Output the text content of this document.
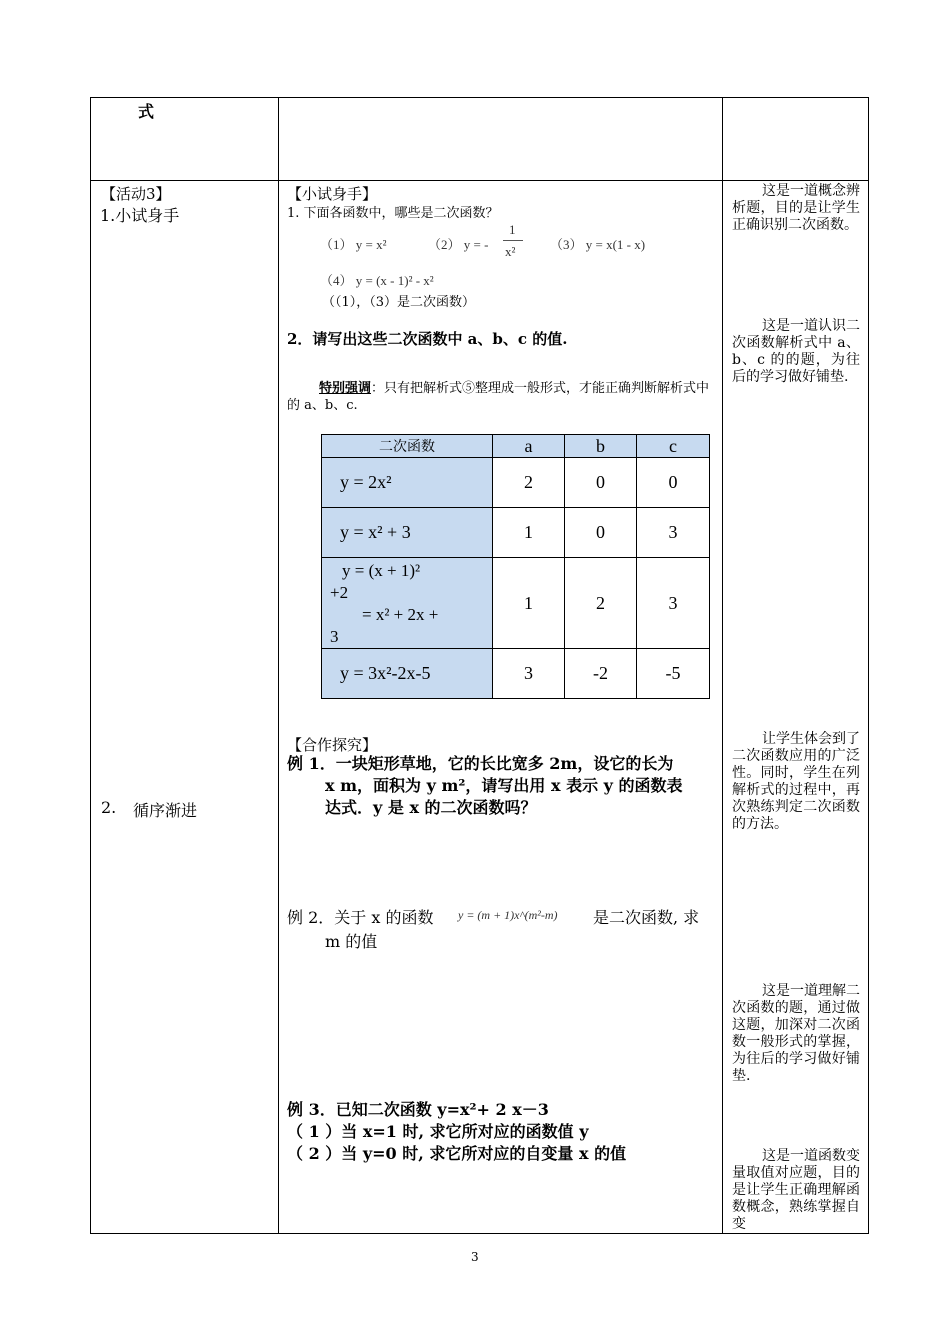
式
【活动3】
1.小试身手
2. 循序渐进
【小试身手】
1. 下面各函数中，哪些是二次函数？
（1） y = x²	（2） y = -
1
x²	（3） y = x(1 - x)
（4） y = (x - 1)² - x²
（（1），（3）是二次函数）
2．请写出这些二次函数中 a、b、c 的值.
特别强调：只有把解析式⑤整理成一般形式，才能正确判断解析式中的 a、b、c.
二次函数	a	b	c
y = 2x²	2	0	0
y = x² + 3	1	0	3
y = (x + 1)²
+2
= x² + 2x +
3
1	2	3
y = 3x²-2x-5	3	-2	-5
【合作探究】
例 1．一块矩形草地，它的长比宽多 2m，设它的长为
x m，面积为 y m²，请写出用 x 表示 y 的函数表
达式．y 是 x 的二次函数吗？
例 2．关于 x 的函数 y = (m + 1)x^(m²-m) 是二次函数, 求
m 的值
例 3．已知二次函数 y=x²+ 2 x－3
（ 1 ）当 x=1 时, 求它所对应的函数值 y
（ 2 ）当 y=0 时, 求它所对应的自变量 x 的值
这是一道概念辨析题，目的是让学生正确识别二次函数。
这是一道认识二次函数解析式中 a、b、c 的的题，为往后的学习做好铺垫.
让学生体会到了二次函数应用的广泛性。同时，学生在列解析式的过程中，再次熟练判定二次函数的方法。
这是一道理解二次函数的题，通过做这题，加深对二次函数一般形式的掌握，为往后的学习做好铺垫.
这是一道函数变量取值对应题，目的是让学生正确理解函数概念，熟练掌握自变
3
